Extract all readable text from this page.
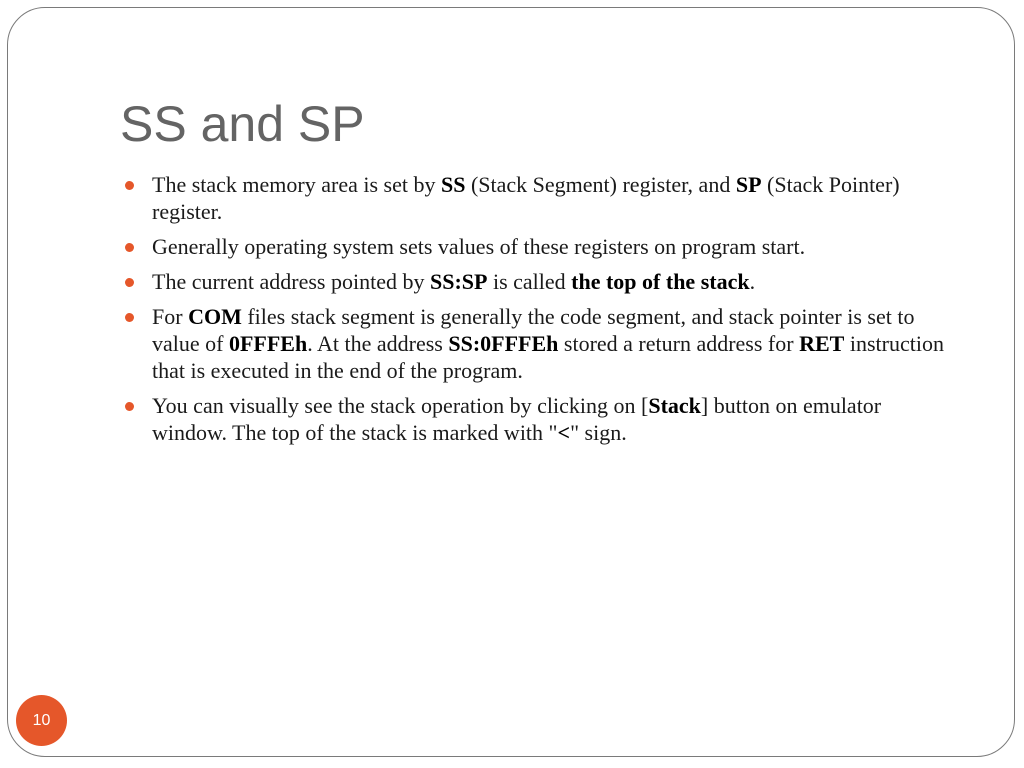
SS and SP
The stack memory area is set by SS (Stack Segment) register, and SP (Stack Pointer) register.
Generally operating system sets values of these registers on program start.
The current address pointed by SS:SP is called the top of the stack.
For COM files stack segment is generally the code segment, and stack pointer is set to value of 0FFFEh. At the address SS:0FFFEh stored a return address for RET instruction that is executed in the end of the program.
You can visually see the stack operation by clicking on [Stack] button on emulator window. The top of the stack is marked with "<" sign.
10
